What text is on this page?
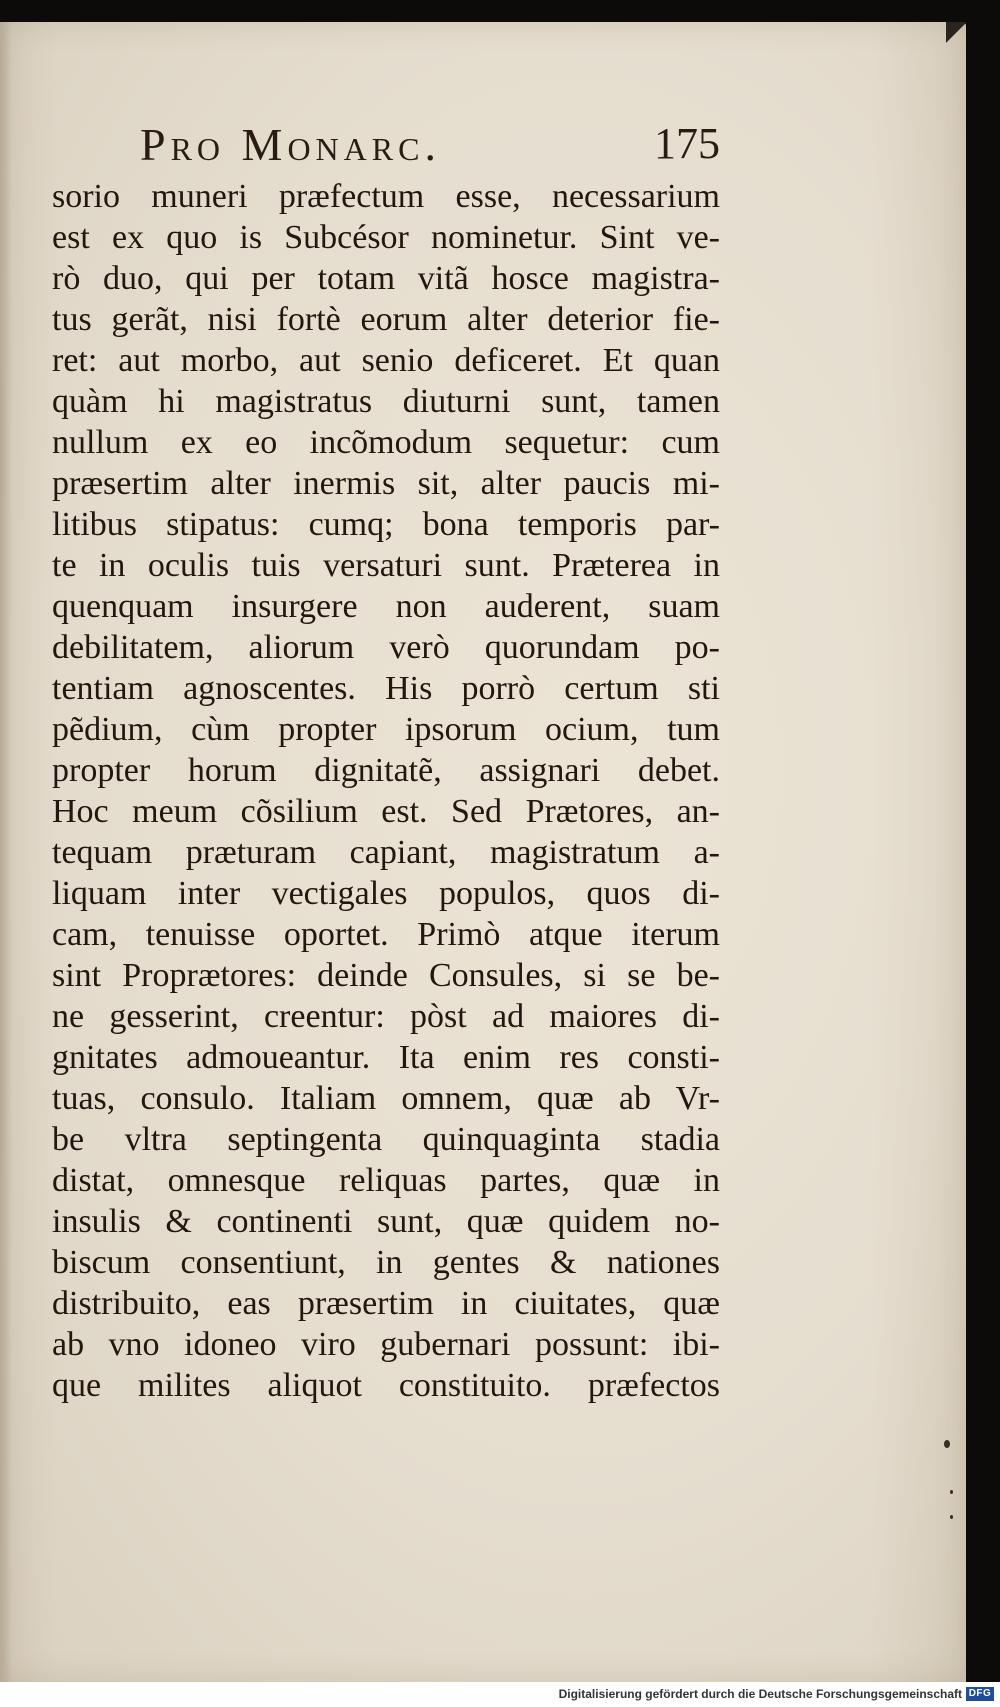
Pro Monarc.	175
sorio muneri præfectum esse, necessarium
est ex quo is Subcésor nominetur. Sint ve-
rò duo, qui per totam vitã hosce magistra-
tus gerãt, nisi fortè eorum alter deterior fie-
ret: aut morbo, aut senio deficeret. Et quan
quàm hi magistratus diuturni sunt, tamen
nullum ex eo incõmodum sequetur: cum
præsertim alter inermis sit, alter paucis mi-
litibus stipatus: cumq; bona temporis par-
te in oculis tuis versaturi sunt. Præterea in
quenquam insurgere non auderent, suam
debilitatem, aliorum verò quorundam po-
tentiam agnoscentes. His porrò certum sti
pẽdium, cùm propter ipsorum ocium, tum
propter horum dignitatẽ, assignari debet.
Hoc meum cõsilium est. Sed Prætores, an-
tequam præturam capiant, magistratum a-
liquam inter vectigales populos, quos di-
cam, tenuisse oportet. Primò atque iterum
sint Proprætores: deinde Consules, si se be-
ne gesserint, creentur: pòst ad maiores di-
gnitates admoueantur. Ita enim res consti-
tuas, consulo. Italiam omnem, quæ ab Vr-
be vltra septingenta quinquaginta stadia
distat, omnesque reliquas partes, quæ in
insulis & continenti sunt, quæ quidem no-
biscum consentiunt, in gentes & nationes
distribuito, eas præsertim in ciuitates, quæ
ab vno idoneo viro gubernari possunt: ibi-
que milites aliquot constituito. præfectos
Digitalisierung gefördert durch die Deutsche Forschungsgemeinschaft DFG
